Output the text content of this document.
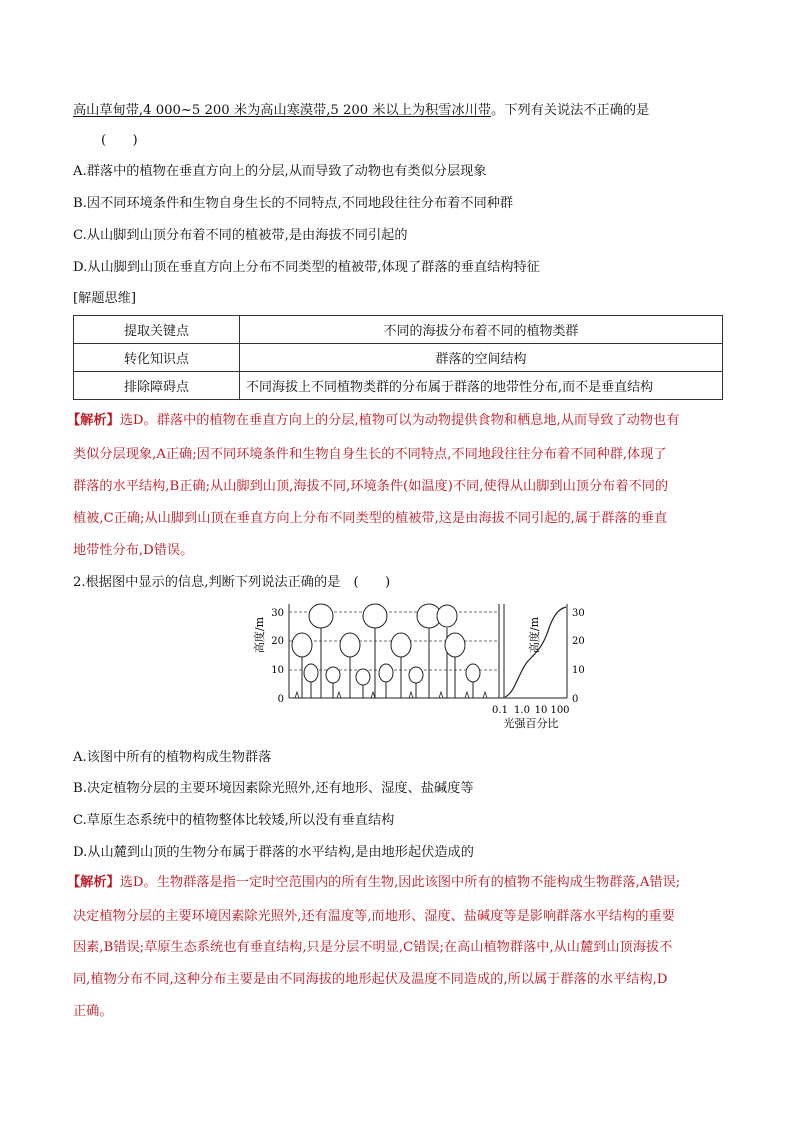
高山草甸带,4 000~5 200 米为高山寒漠带,5 200 米以上为积雪冰川带。下列有关说法不正确的是
(　　)
A.群落中的植物在垂直方向上的分层,从而导致了动物也有类似分层现象
B.因不同环境条件和生物自身生长的不同特点,不同地段往往分布着不同种群
C.从山脚到山顶分布着不同的植被带,是由海拔不同引起的
D.从山脚到山顶在垂直方向上分布不同类型的植被带,体现了群落的垂直结构特征
[解题思维]
提取关键点	不同的海拔分布着不同的植物类群
转化知识点	群落的空间结构
排除障碍点	不同海拔上不同植物类群的分布属于群落的地带性分布,而不是垂直结构
【解析】选D。群落中的植物在垂直方向上的分层,植物可以为动物提供食物和栖息地,从而导致了动物也有
类似分层现象,A正确;因不同环境条件和生物自身生长的不同特点,不同地段往往分布着不同种群,体现了
群落的水平结构,B正确;从山脚到山顶,海拔不同,环境条件(如温度)不同,使得从山脚到山顶分布着不同的
植被,C正确;从山脚到山顶在垂直方向上分布不同类型的植被带,这是由海拔不同引起的,属于群落的垂直
地带性分布,D错误。
2.根据图中显示的信息,判断下列说法正确的是　(　　)
高度/m	高度/m
30
20
10
0
30
20
10
0
0.1 1.0 10 100
光强百分比
A.该图中所有的植物构成生物群落
B.决定植物分层的主要环境因素除光照外,还有地形、湿度、盐碱度等
C.草原生态系统中的植物整体比较矮,所以没有垂直结构
D.从山麓到山顶的生物分布属于群落的水平结构,是由地形起伏造成的
【解析】选D。生物群落是指一定时空范围内的所有生物,因此该图中所有的植物不能构成生物群落,A错误;
决定植物分层的主要环境因素除光照外,还有温度等,而地形、湿度、盐碱度等是影响群落水平结构的重要
因素,B错误;草原生态系统也有垂直结构,只是分层不明显,C错误;在高山植物群落中,从山麓到山顶海拔不
同,植物分布不同,这种分布主要是由不同海拔的地形起伏及温度不同造成的,所以属于群落的水平结构,D
正确。
